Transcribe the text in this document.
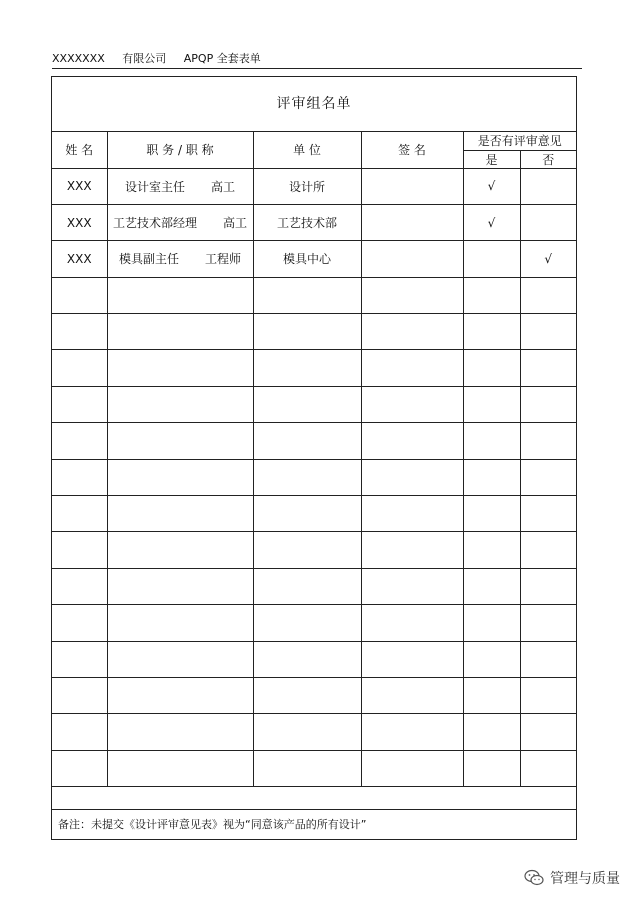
XXXXXXX 有限公司 APQP 全套表单
评审组名单
姓 名	职 务 / 职 称	单 位	签 名	是否有评审意见	
				是	否
XXX	设计室主任 高工	设计所		√	
XXX	工艺技术部经理 高工	工艺技术部		√	
XXX	模具副主任 工程师	模具中心			√

备注：未提交《设计评审意见表》视为“同意该产品的所有设计”
管理与质量
